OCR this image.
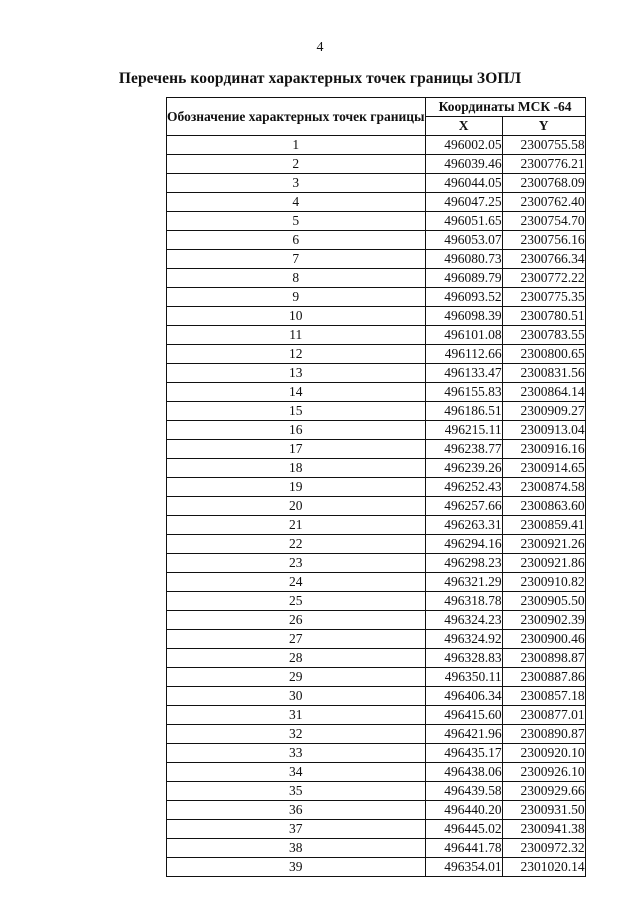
4
Перечень координат характерных точек границы ЗОПЛ
Обозначение характерных точек границы	Координаты МСК -64	
	X	Y
1	496002.05	2300755.58
2	496039.46	2300776.21
3	496044.05	2300768.09
4	496047.25	2300762.40
5	496051.65	2300754.70
6	496053.07	2300756.16
7	496080.73	2300766.34
8	496089.79	2300772.22
9	496093.52	2300775.35
10	496098.39	2300780.51
11	496101.08	2300783.55
12	496112.66	2300800.65
13	496133.47	2300831.56
14	496155.83	2300864.14
15	496186.51	2300909.27
16	496215.11	2300913.04
17	496238.77	2300916.16
18	496239.26	2300914.65
19	496252.43	2300874.58
20	496257.66	2300863.60
21	496263.31	2300859.41
22	496294.16	2300921.26
23	496298.23	2300921.86
24	496321.29	2300910.82
25	496318.78	2300905.50
26	496324.23	2300902.39
27	496324.92	2300900.46
28	496328.83	2300898.87
29	496350.11	2300887.86
30	496406.34	2300857.18
31	496415.60	2300877.01
32	496421.96	2300890.87
33	496435.17	2300920.10
34	496438.06	2300926.10
35	496439.58	2300929.66
36	496440.20	2300931.50
37	496445.02	2300941.38
38	496441.78	2300972.32
39	496354.01	2301020.14
